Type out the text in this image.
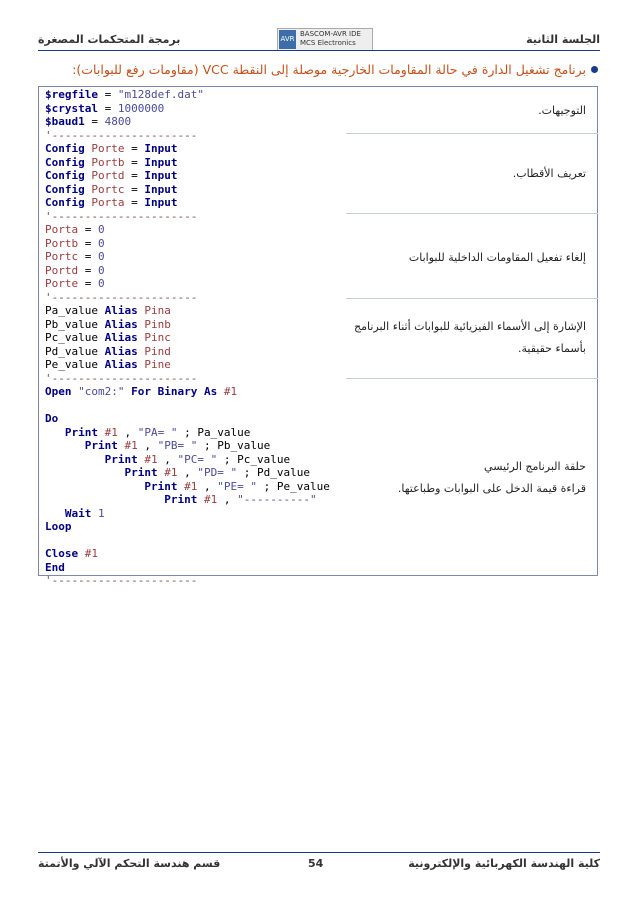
الجلسة الثانية
برمجة المتحكمات المصغرة	AVR
BASCOM-AVR IDE
MCS Electronics
برنامج تشغيل الدارة في حالة المقاومات الخارجية موصلة إلى النقطة VCC (مقاومات رفع للبوابات):
التوجيهات.
تعريف الأقطاب.
إلغاء تفعيل المقاومات الداخلية للبوابات
الإشارة إلى الأسماء الفيزيائية للبوابات أثناء البرنامج
بأسماء حقيقية.
حلقة البرنامج الرئيسي
قراءة قيمة الدخل على البوابات وطباعتها.
$regfile = "m128def.dat"
$crystal = 1000000
$baud1 = 4800
'----------------------
Config Porte = Input
Config Portb = Input
Config Portd = Input
Config Portc = Input
Config Porta = Input
'----------------------
Porta = 0
Portb = 0
Portc = 0
Portd = 0
Porte = 0
'----------------------
Pa_value Alias Pina
Pb_value Alias Pinb
Pc_value Alias Pinc
Pd_value Alias Pind
Pe_value Alias Pine
'----------------------
Open "com2:" For Binary As #1

Do
Print #1 , "PA= " ; Pa_value
Print #1 , "PB= " ; Pb_value
Print #1 , "PC= " ; Pc_value
Print #1 , "PD= " ; Pd_value
Print #1 , "PE= " ; Pe_value
Print #1 , "----------"
Wait 1
Loop

Close #1
End
'----------------------
كلية الهندسة الكهربائية والإلكترونية
54
قسم هندسة التحكم الآلي والأتمتة
